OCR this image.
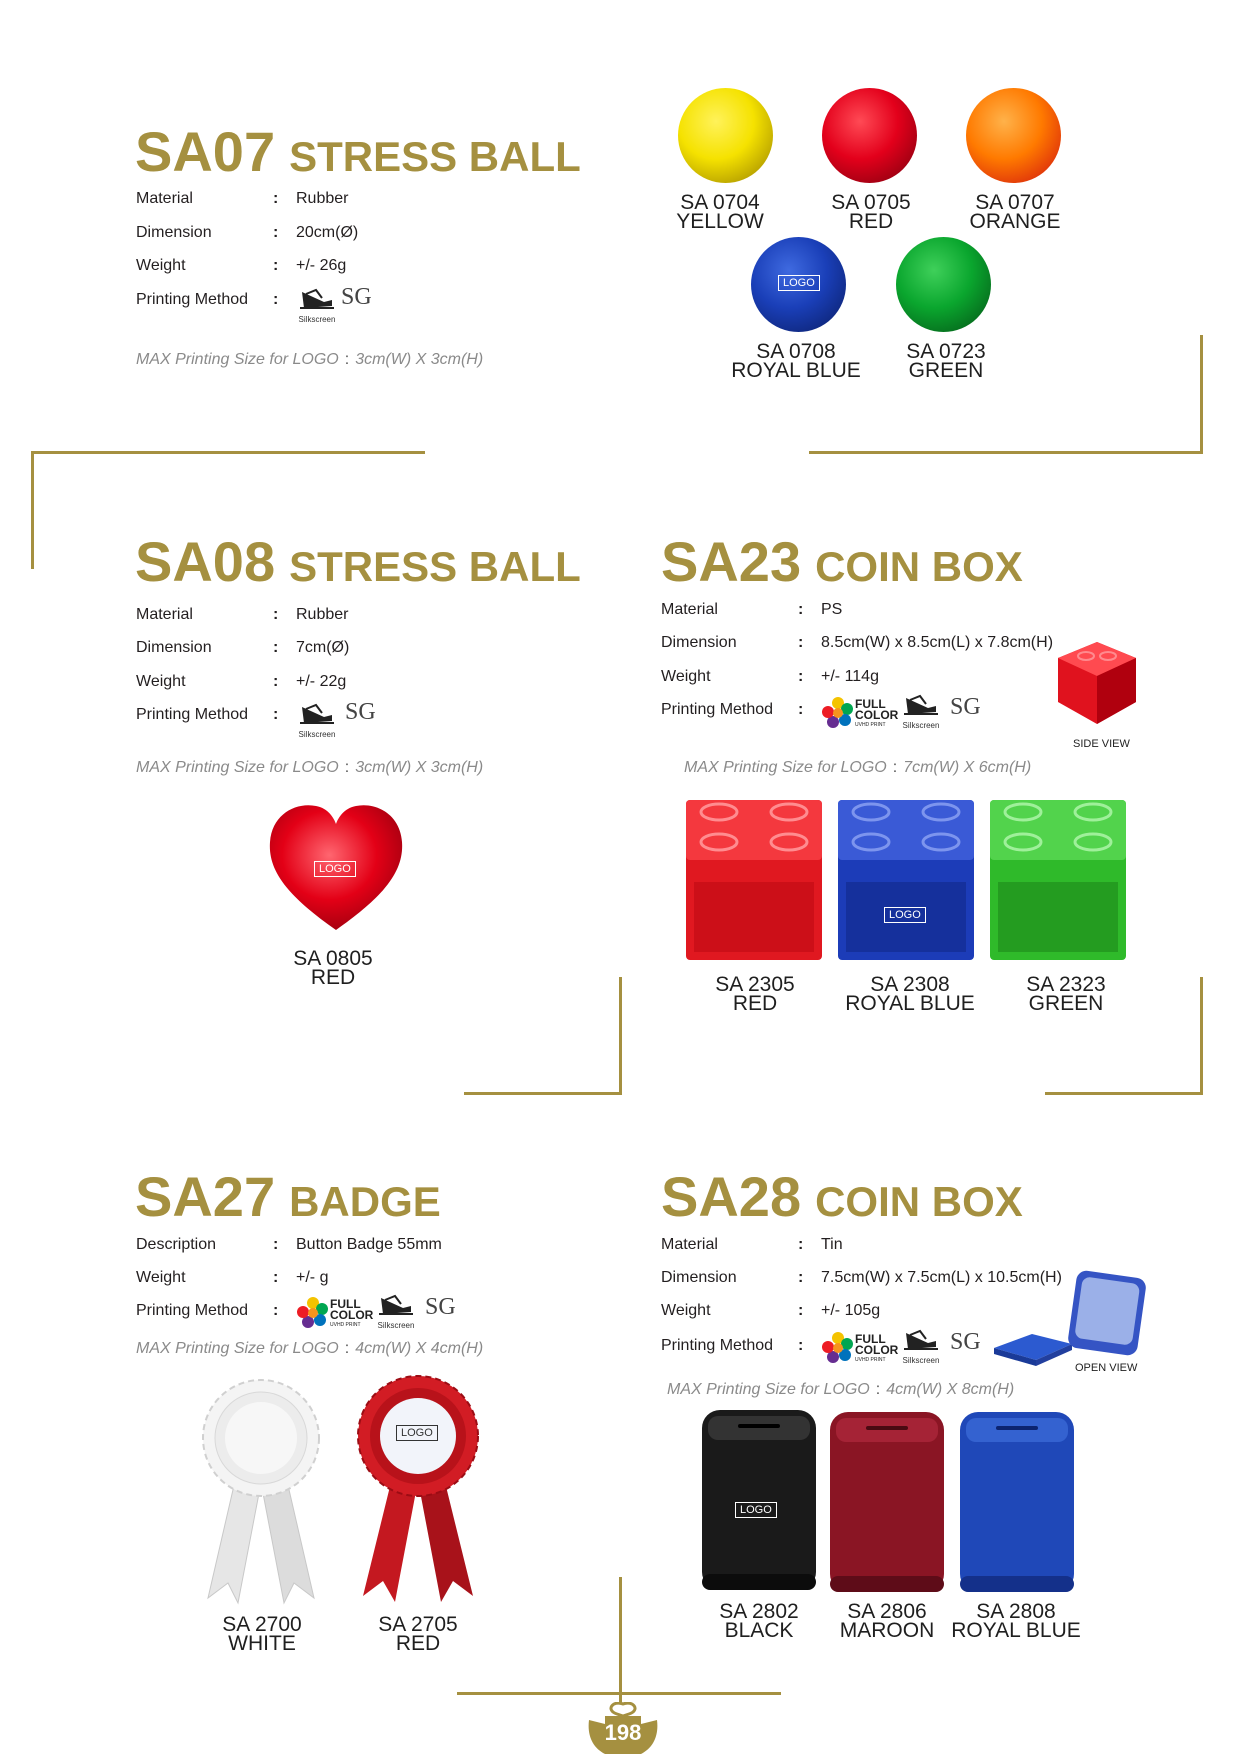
SA07 STRESS BALL
Material	: Rubber
Dimension	: 20cm(Ø)
Weight	: +/- 26g
Printing Method :
Silkscreen
SG
MAX Printing Size for LOGO : 3cm(W) X 3cm(H)
LOGO
SA 0704
YELLOW
SA 0705
RED
SA 0707
ORANGE
SA 0708
ROYAL BLUE
SA 0723
GREEN
SA08 STRESS BALL
Material	: Rubber
Dimension	: 7cm(Ø)
Weight	: +/- 22g
Printing Method :
Silkscreen
SG
MAX Printing Size for LOGO : 3cm(W) X 3cm(H)
LOGO
SA 0805
RED
SA23 COIN BOX
Material	: PS
Dimension	: 8.5cm(W) x 8.5cm(L) x 7.8cm(H)
Weight	: +/- 114g
Printing Method :	FULL COLOR
UVHD PRINT	Silkscreen
SG
SIDE VIEW
MAX Printing Size for LOGO : 7cm(W) X 6cm(H)
LOGO
SA 2305
RED
SA 2308
ROYAL BLUE
SA 2323
GREEN
SA27 BADGE
Description	: Button Badge 55mm
Weight	: +/- g
Printing Method :	FULL COLOR
UVHD PRINT	Silkscreen
SG
MAX Printing Size for LOGO : 4cm(W) X 4cm(H)
LOGO
SA 2700
WHITE
SA 2705
RED
SA28 COIN BOX
Material	: Tin
Dimension	: 7.5cm(W) x 7.5cm(L) x 10.5cm(H)
Weight	: +/- 105g
Printing Method :	FULL COLOR
UVHD PRINT	Silkscreen
SG
OPEN VIEW
MAX Printing Size for LOGO : 4cm(W) X 8cm(H)
LOGO
SA 2802
BLACK
SA 2806
MAROON
SA 2808
ROYAL BLUE
198
